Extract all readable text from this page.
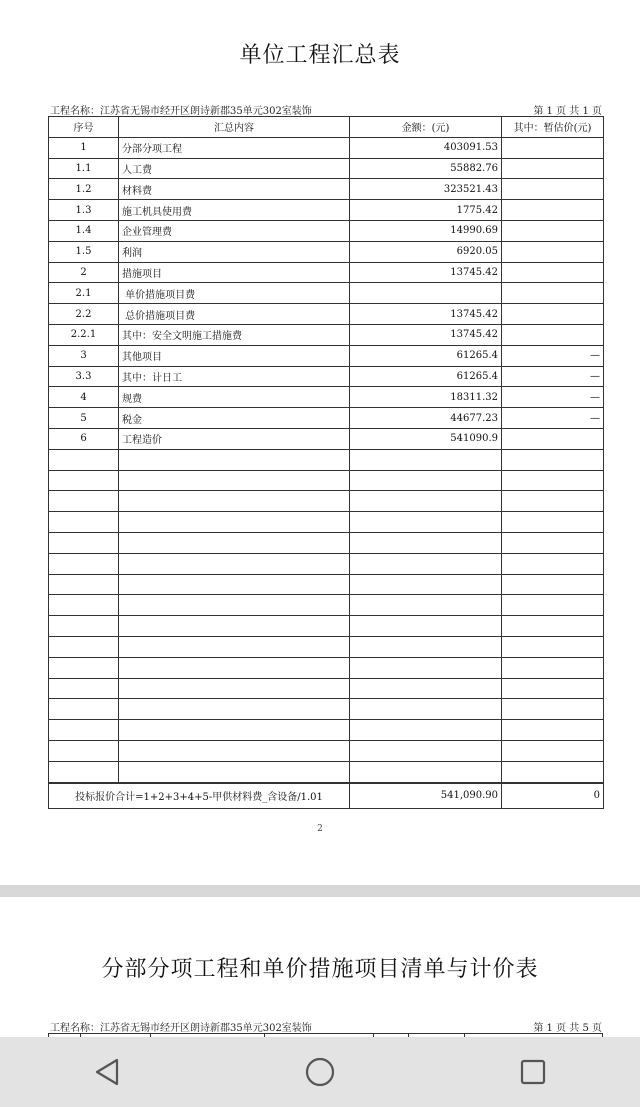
单位工程汇总表
工程名称：江苏省无锡市经开区朗诗新郡35单元302室装饰	第 1 页 共 1 页
序号	汇总内容	金额：(元)	其中：暂估价(元)
1	分部分项工程	403091.53	
1.1	人工费	55882.76	
1.2	材料费	323521.43	
1.3	施工机具使用费	1775.42	
1.4	企业管理费	14990.69	
1.5	利润	6920.05	
2	措施项目	13745.42	
2.1	单价措施项目费		
2.2	总价措施项目费	13745.42	
2.2.1	其中：安全文明施工措施费	13745.42	
3	其他项目	61265.4	—
3.3	其中：计日工	61265.4	—
4	规费	18311.32	—
5	税金	44677.23	—
6	工程造价	541090.9	

投标报价合计=1+2+3+4+5-甲供材料费_含设备/1.01		541,090.90	0
2
分部分项工程和单价措施项目清单与计价表
工程名称：江苏省无锡市经开区朗诗新郡35单元302室装饰	第 1 页 共 5 页
